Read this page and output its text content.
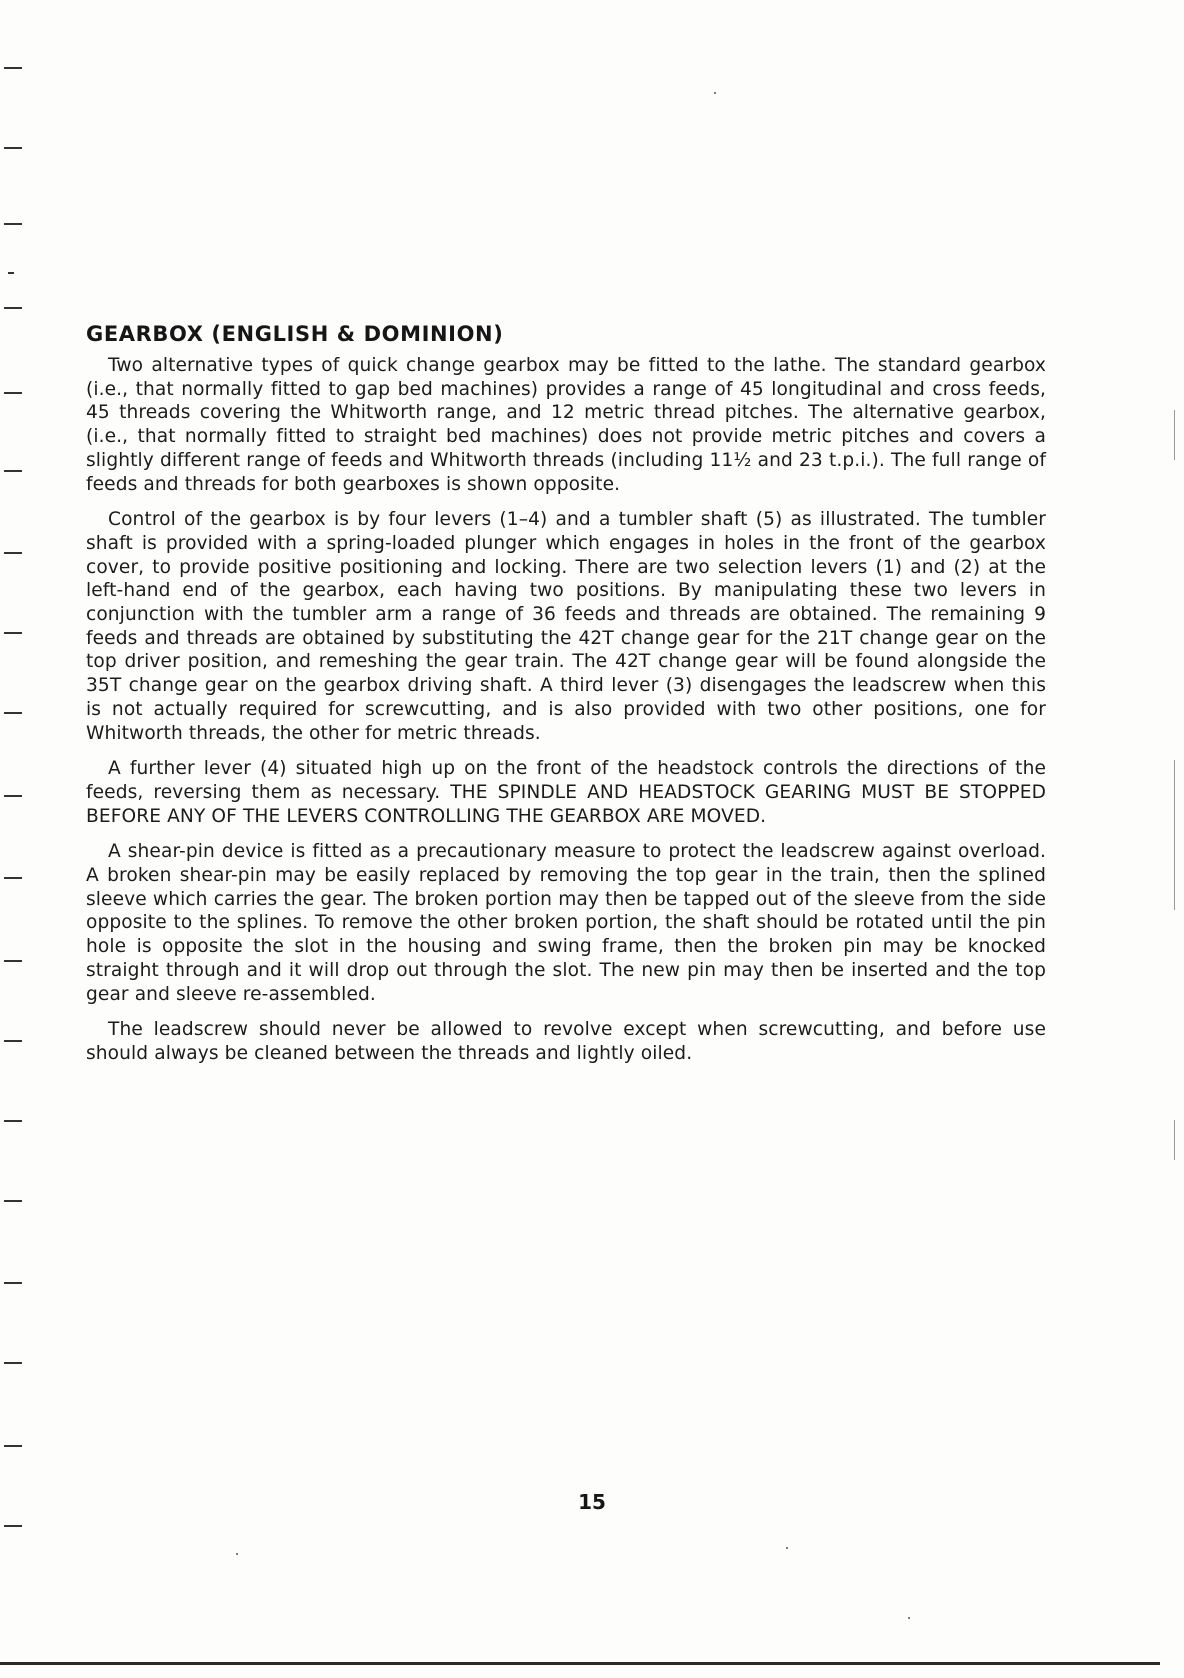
GEARBOX (ENGLISH & DOMINION)

Two alternative types of quick change gearbox may be fitted to the lathe. The standard gearbox (i.e., that normally fitted to gap bed machines) provides a range of 45 longitudinal and cross feeds, 45 threads covering the Whitworth range, and 12 metric thread pitches. The alternative gearbox, (i.e., that normally fitted to straight bed machines) does not provide metric pitches and covers a slightly different range of feeds and Whitworth threads (including 11½ and 23 t.p.i.). The full range of feeds and threads for both gearboxes is shown opposite.

Control of the gearbox is by four levers (1–4) and a tumbler shaft (5) as illustrated. The tumbler shaft is provided with a spring-loaded plunger which engages in holes in the front of the gearbox cover, to provide positive positioning and locking. There are two selection levers (1) and (2) at the left-hand end of the gearbox, each having two positions. By manipulating these two levers in conjunction with the tumbler arm a range of 36 feeds and threads are obtained. The remaining 9 feeds and threads are obtained by substituting the 42T change gear for the 21T change gear on the top driver position, and remeshing the gear train. The 42T change gear will be found alongside the 35T change gear on the gearbox driving shaft. A third lever (3) disengages the leadscrew when this is not actually required for screwcutting, and is also provided with two other positions, one for Whitworth threads, the other for metric threads.

A further lever (4) situated high up on the front of the headstock controls the directions of the feeds, reversing them as necessary. THE SPINDLE AND HEADSTOCK GEARING MUST BE STOPPED BEFORE ANY OF THE LEVERS CONTROLLING THE GEARBOX ARE MOVED.

A shear-pin device is fitted as a precautionary measure to protect the leadscrew against overload. A broken shear-pin may be easily replaced by removing the top gear in the train, then the splined sleeve which carries the gear. The broken portion may then be tapped out of the sleeve from the side opposite to the splines. To remove the other broken portion, the shaft should be rotated until the pin hole is opposite the slot in the housing and swing frame, then the broken pin may be knocked straight through and it will drop out through the slot. The new pin may then be inserted and the top gear and sleeve re-assembled.

The leadscrew should never be allowed to revolve except when screwcutting, and before use should always be cleaned between the threads and lightly oiled.

15
